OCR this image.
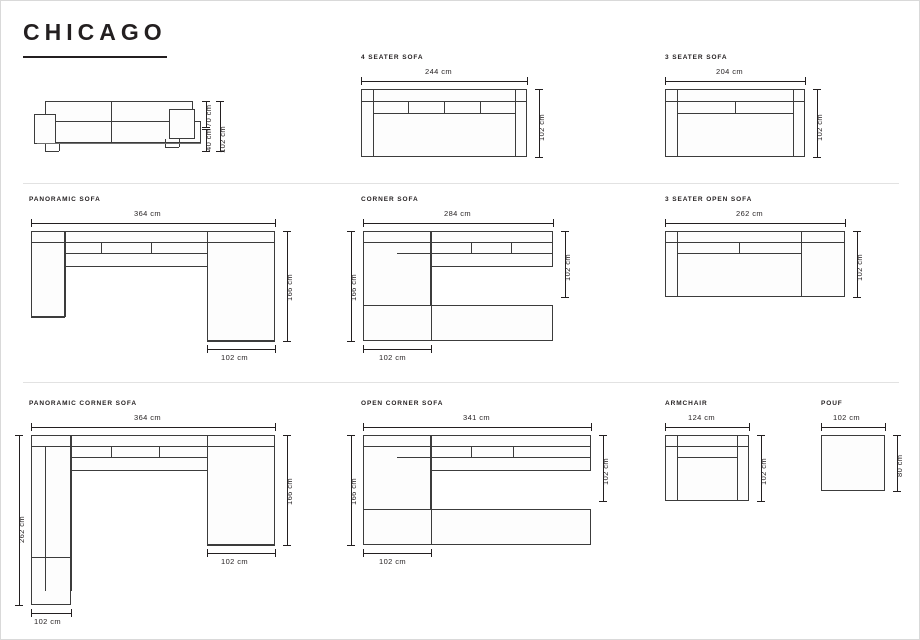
CHICAGO
70 cm
40 cm 102 cm
4 SEATER SOFA
244 cm
102 cm
3 SEATER SOFA
204 cm
102 cm
PANORAMIC SOFA
364 cm
166 cm
102 cm
CORNER SOFA
284 cm
102 cm
166 cm
102 cm
3 SEATER OPEN SOFA
262 cm
102 cm
PANORAMIC CORNER SOFA
364 cm
166 cm
262 cm
102 cm
102 cm
OPEN CORNER SOFA
341 cm
102 cm
166 cm
102 cm
ARMCHAIR
124 cm
102 cm
POUF
102 cm
80 cm
